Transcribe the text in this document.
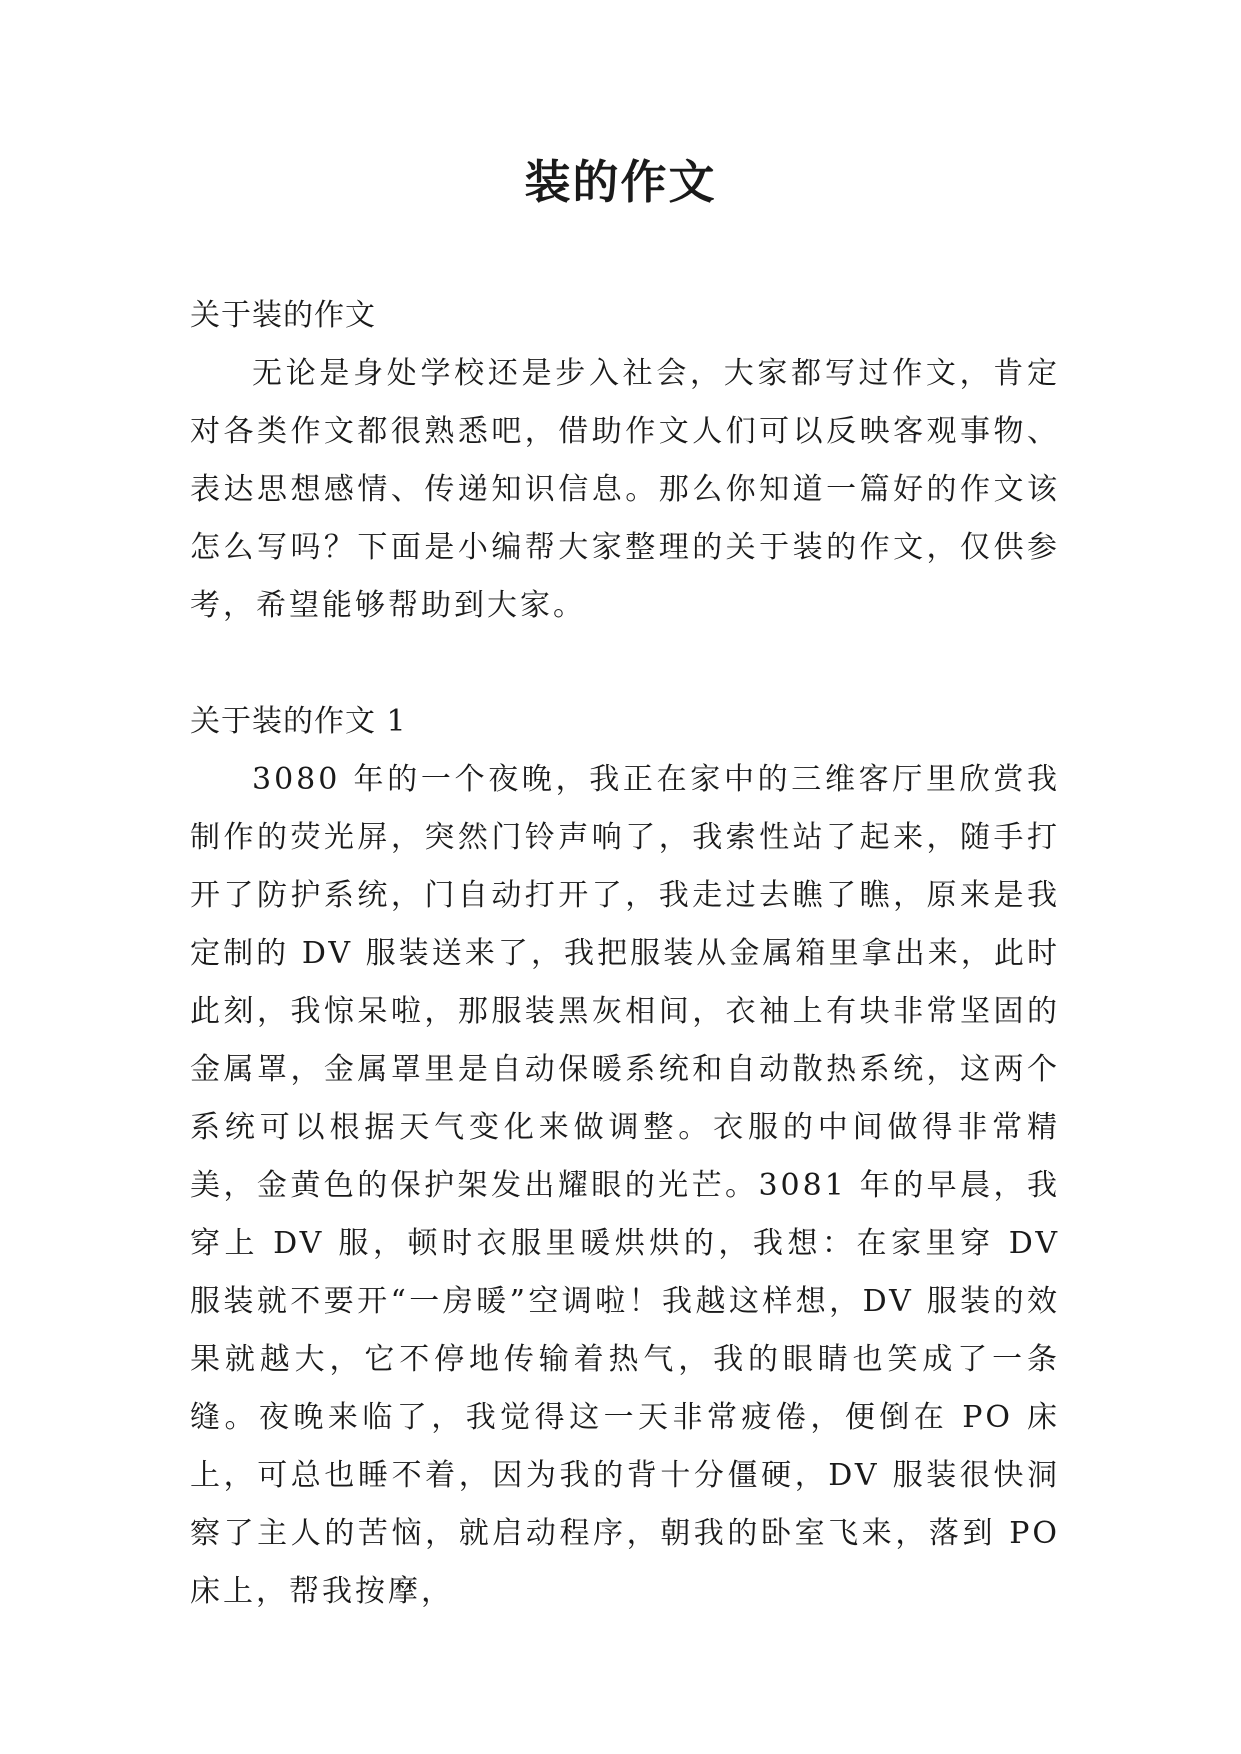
装的作文
关于装的作文

无论是身处学校还是步入社会，大家都写过作文，肯定对各类作文都很熟悉吧，借助作文人们可以反映客观事物、表达思想感情、传递知识信息。那么你知道一篇好的作文该怎么写吗？下面是小编帮大家整理的关于装的作文，仅供参考，希望能够帮助到大家。

关于装的作文 1

3080 年的一个夜晚，我正在家中的三维客厅里欣赏我制作的荧光屏，突然门铃声响了，我索性站了起来，随手打开了防护系统，门自动打开了，我走过去瞧了瞧，原来是我定制的 DV 服装送来了，我把服装从金属箱里拿出来，此时此刻，我惊呆啦，那服装黑灰相间，衣袖上有块非常坚固的金属罩，金属罩里是自动保暖系统和自动散热系统，这两个系统可以根据天气变化来做调整。衣服的中间做得非常精美，金黄色的保护架发出耀眼的光芒。3081 年的早晨，我穿上 DV 服，顿时衣服里暖烘烘的，我想：在家里穿 DV 服装就不要开“一房暖”空调啦！我越这样想，DV 服装的效果就越大，它不停地传输着热气，我的眼睛也笑成了一条缝。夜晚来临了，我觉得这一天非常疲倦，便倒在 PO 床上，可总也睡不着，因为我的背十分僵硬，DV 服装很快洞察了主人的苦恼，就启动程序，朝我的卧室飞来，落到 PO 床上，帮我按摩，
